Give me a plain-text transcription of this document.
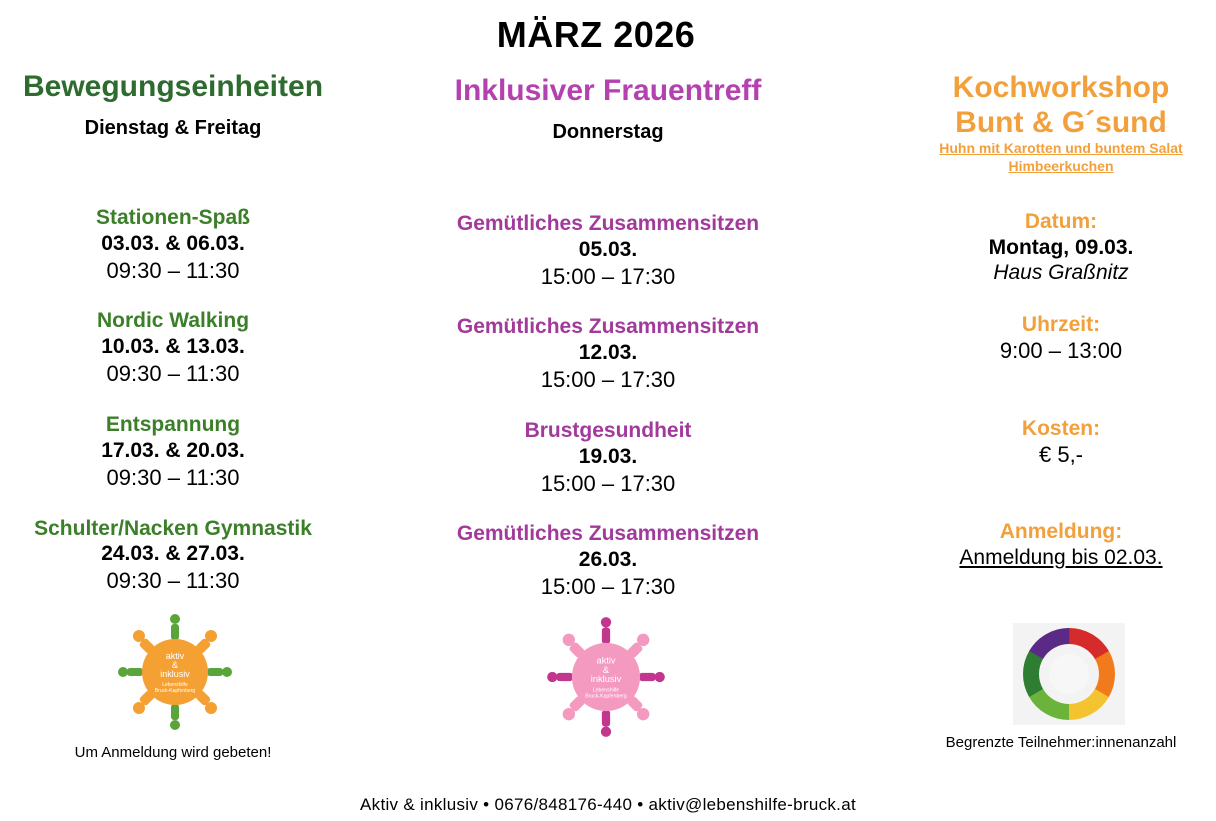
MÄRZ 2026
Bewegungseinheiten
Dienstag & Freitag
Stationen-Spaß
03.03. & 06.03.
09:30 – 11:30
Nordic Walking
10.03. & 13.03.
09:30 – 11:30
Entspannung
17.03. & 20.03.
09:30 – 11:30
Schulter/Nacken Gymnastik
24.03. & 27.03.
09:30 – 11:30
Um Anmeldung wird gebeten!
aktiv
&
inklusiv
Lebenshilfe
Bruck-Kapfenberg
Inklusiver Frauentreff
Donnerstag
Gemütliches Zusammensitzen
05.03.
15:00 – 17:30
Gemütliches Zusammensitzen
12.03.
15:00 – 17:30
Brustgesundheit
19.03.
15:00 – 17:30
Gemütliches Zusammensitzen
26.03.
15:00 – 17:30
aktiv
&
inklusiv
Lebenshilfe
Bruck-Kapfenberg
Kochworkshop
Bunt & G´sund
Huhn mit Karotten und buntem Salat
Himbeerkuchen
Datum:
Montag, 09.03.
Haus Graßnitz
Uhrzeit:
9:00 – 13:00
Kosten:
€ 5,-
Anmeldung:
Anmeldung bis 02.03.
Begrenzte Teilnehmer:innenanzahl
Aktiv & inklusiv • 0676/848176-440 • aktiv@lebenshilfe-bruck.at
